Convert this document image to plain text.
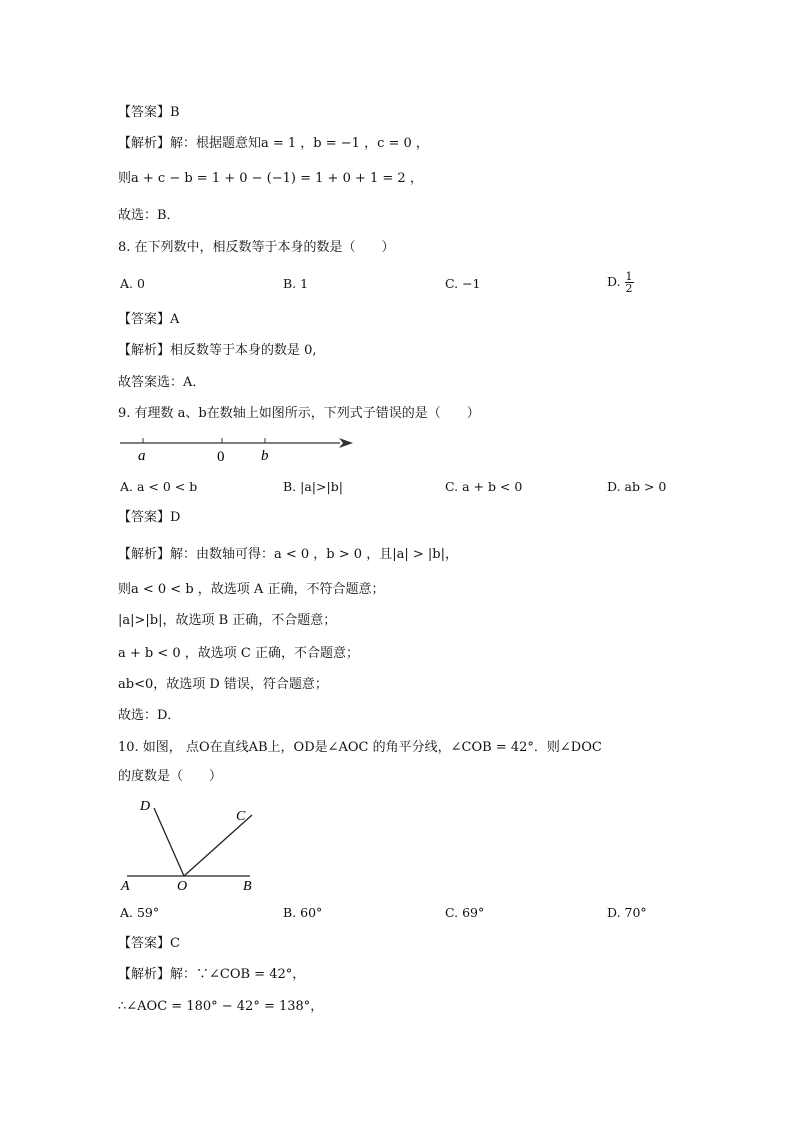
【答案】B
【解析】解：根据题意知a = 1 ，b = −1 ，c = 0 ，
则a + c − b = 1 + 0 − (−1) = 1 + 0 + 1 = 2 ，
故选：B．
8. 在下列数中，相反数等于本身的数是（　　）
A. 0	B. 1	C. −1	D. $\frac{1}{2}$
【答案】A
【解析】相反数等于本身的数是 0,
故答案选：A．
9. 有理数 a、b在数轴上如图所示，下列式子错误的是（　　）
a	0 b
A. a < 0 < b	B. |a|>|b|	C. a + b < 0	D. ab > 0
【答案】D
【解析】解：由数轴可得：a < 0 ，b > 0 ，且|a| > |b|，
则a < 0 < b ，故选项 A 正确，不符合题意；
|a|>|b|，故选项 B 正确，不合题意；
a + b < 0 ，故选项 C 正确，不合题意；
ab<0，故选项 D 错误，符合题意；
故选：D．
10. 如图， 点O在直线AB上，OD是∠AOC 的角平分线，∠COB = 42°．则∠DOC
的度数是（　　）
D
C
A	O	B
A. 59°	B. 60°	C. 69°	D. 70°
【答案】C
【解析】解：∵∠COB = 42°，
∴∠AOC = 180° − 42° = 138°，
